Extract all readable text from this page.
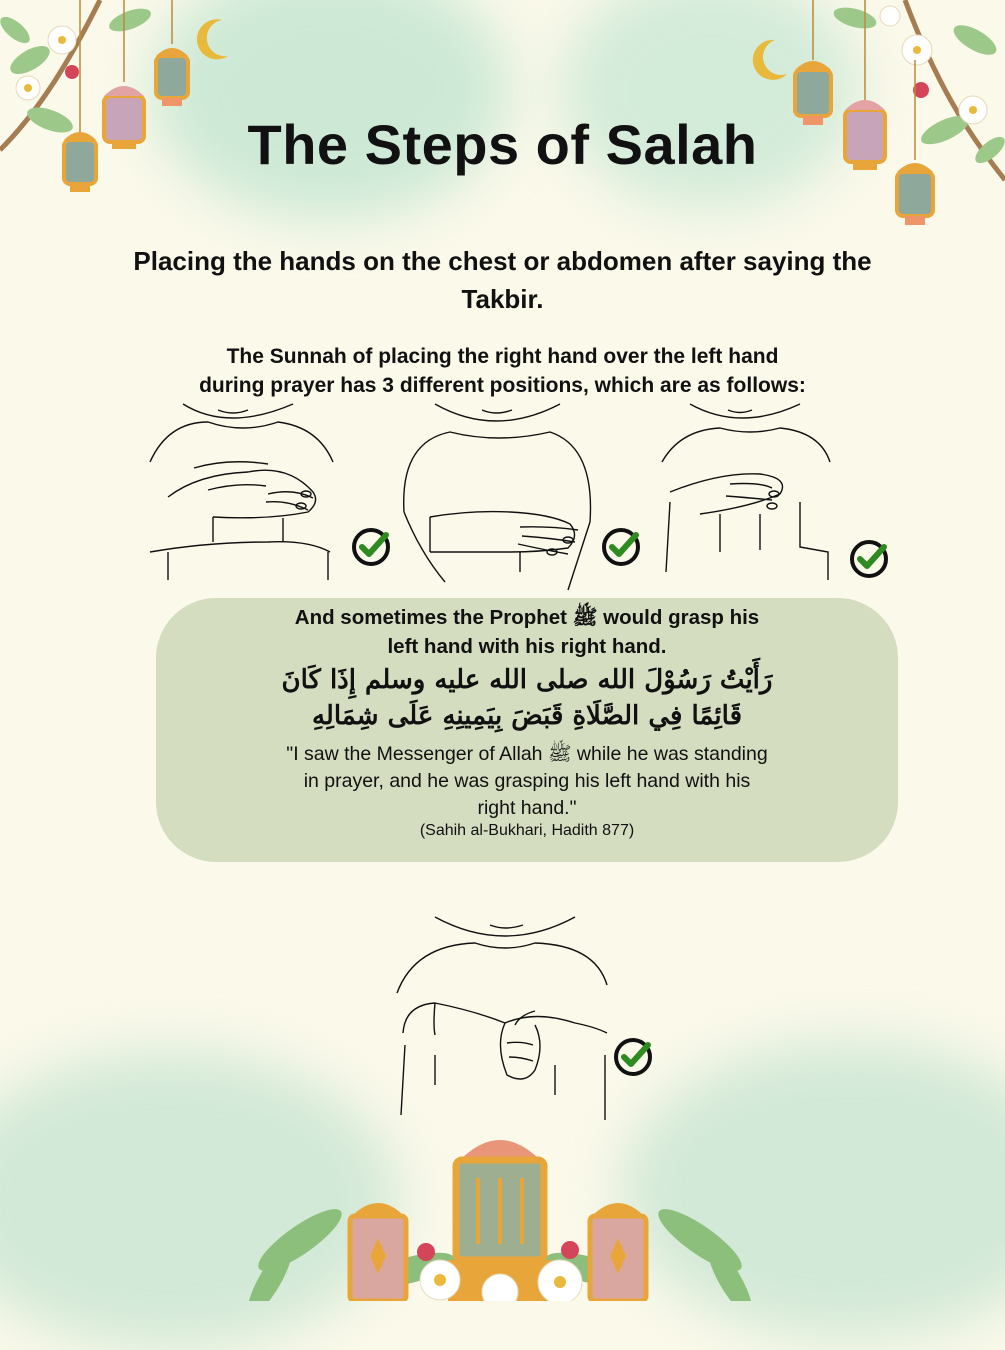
The Steps of Salah

Placing the hands on the chest or abdomen after saying the Takbir.

The Sunnah of placing the right hand over the left hand
during prayer has 3 different positions, which are as follows:

And sometimes the Prophet ﷺ would grasp his
left hand with his right hand.
رَأَيْتُ رَسُوْلَ الله صلى الله عليه وسلم إِذَا كَانَ
قَائِمًا فِي الصَّلَاةِ قَبَضَ بِيَمِينِهِ عَلَى شِمَالِهِ
"I saw the Messenger of Allah ﷺ while he was standing
in prayer, and he was grasping his left hand with his
right hand."
(Sahih al-Bukhari, Hadith 877)
